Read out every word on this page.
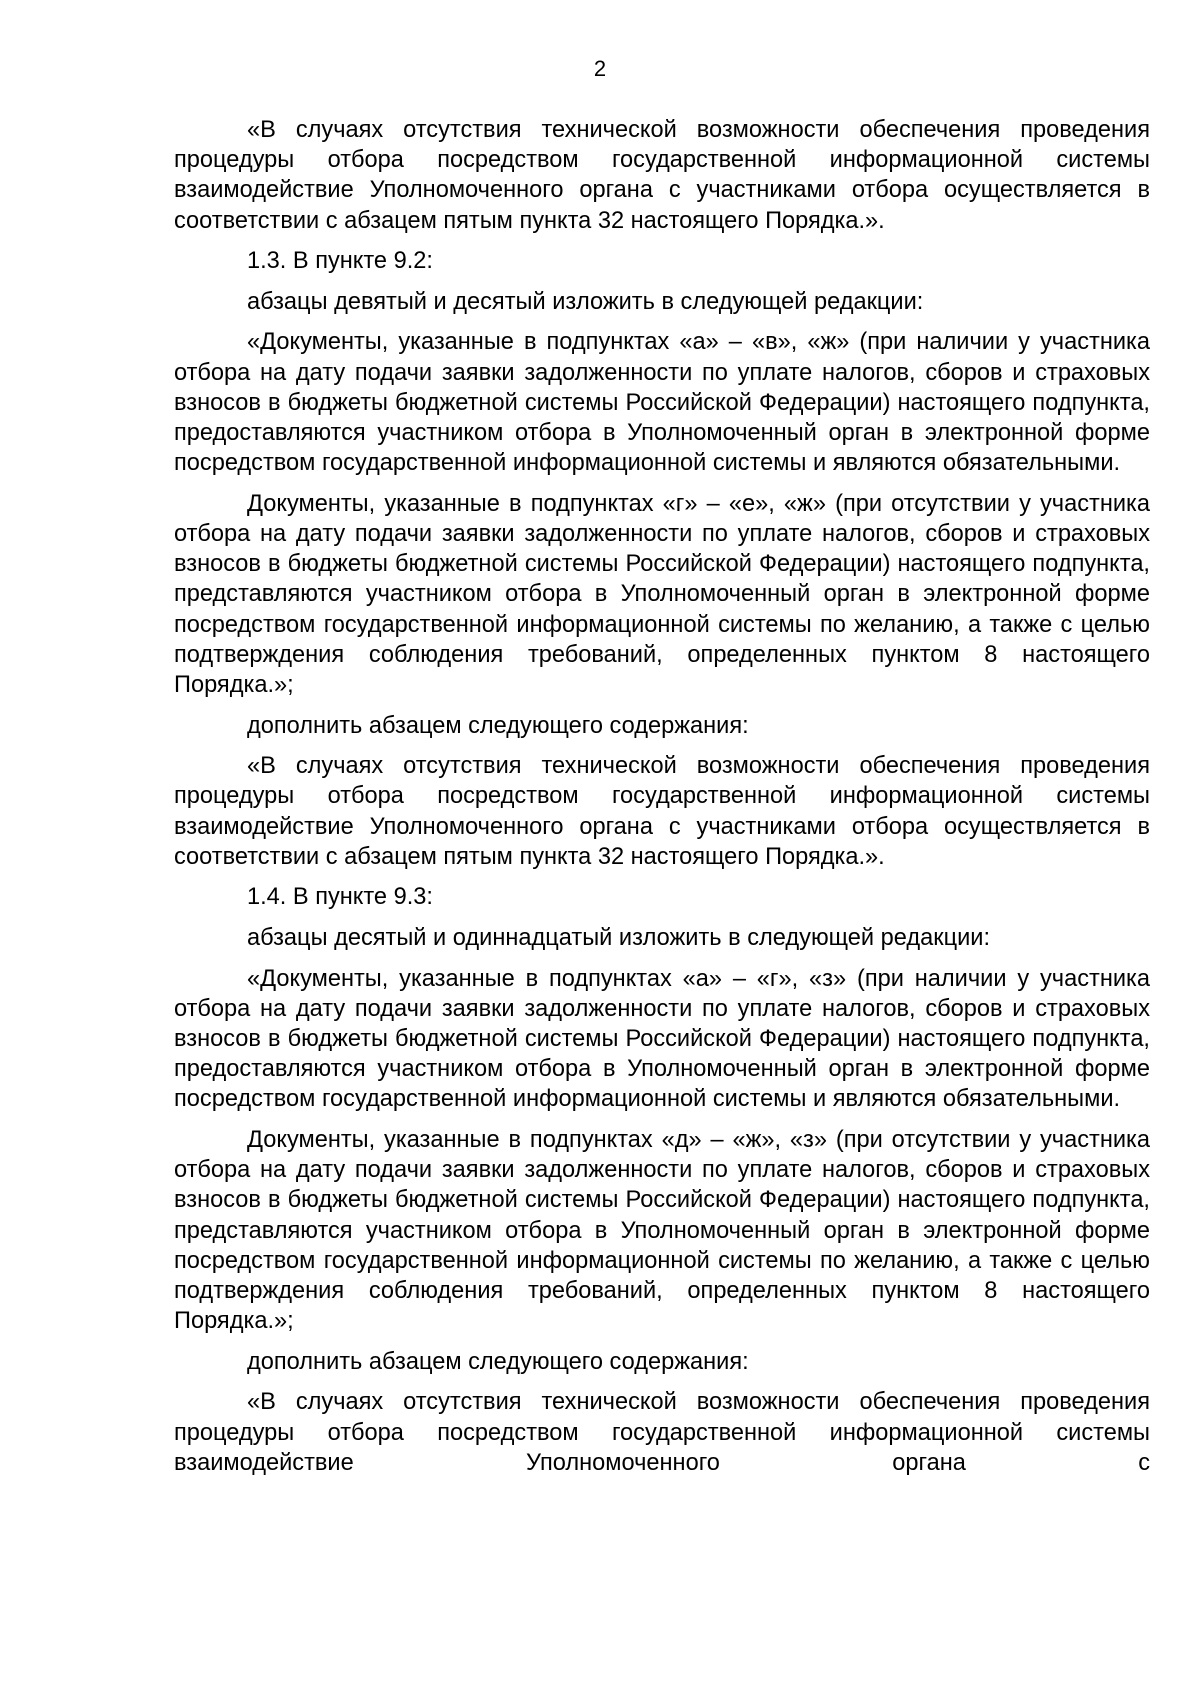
2

«В случаях отсутствия технической возможности обеспечения проведения процедуры отбора посредством государственной информационной системы взаимодействие Уполномоченного органа с участниками отбора осуществляется в соответствии с абзацем пятым пункта 32 настоящего Порядка.».

1.3. В пункте 9.2:

абзацы девятый и десятый изложить в следующей редакции:

«Документы, указанные в подпунктах «а» – «в», «ж» (при наличии у участника отбора на дату подачи заявки задолженности по уплате налогов, сборов и страховых взносов в бюджеты бюджетной системы Российской Федерации) настоящего подпункта, предоставляются участником отбора в Уполномоченный орган в электронной форме посредством государственной информационной системы и являются обязательными.

Документы, указанные в подпунктах «г» – «е», «ж» (при отсутствии у участника отбора на дату подачи заявки задолженности по уплате налогов, сборов и страховых взносов в бюджеты бюджетной системы Российской Федерации) настоящего подпункта, представляются участником отбора в Уполномоченный орган в электронной форме посредством государственной информационной системы по желанию, а также с целью подтверждения соблюдения требований, определенных пунктом 8 настоящего Порядка.»;

дополнить абзацем следующего содержания:

«В случаях отсутствия технической возможности обеспечения проведения процедуры отбора посредством государственной информационной системы взаимодействие Уполномоченного органа с участниками отбора осуществляется в соответствии с абзацем пятым пункта 32 настоящего Порядка.».

1.4. В пункте 9.3:

абзацы десятый и одиннадцатый изложить в следующей редакции:

«Документы, указанные в подпунктах «а» – «г», «з» (при наличии у участника отбора на дату подачи заявки задолженности по уплате налогов, сборов и страховых взносов в бюджеты бюджетной системы Российской Федерации) настоящего подпункта, предоставляются участником отбора в Уполномоченный орган в электронной форме посредством государственной информационной системы и являются обязательными.

Документы, указанные в подпунктах «д» – «ж», «з» (при отсутствии у участника отбора на дату подачи заявки задолженности по уплате налогов, сборов и страховых взносов в бюджеты бюджетной системы Российской Федерации) настоящего подпункта, представляются участником отбора в Уполномоченный орган в электронной форме посредством государственной информационной системы по желанию, а также с целью подтверждения соблюдения требований, определенных пунктом 8 настоящего Порядка.»;

дополнить абзацем следующего содержания:

«В случаях отсутствия технической возможности обеспечения проведения процедуры отбора посредством государственной информационной системы взаимодействие Уполномоченного органа с
